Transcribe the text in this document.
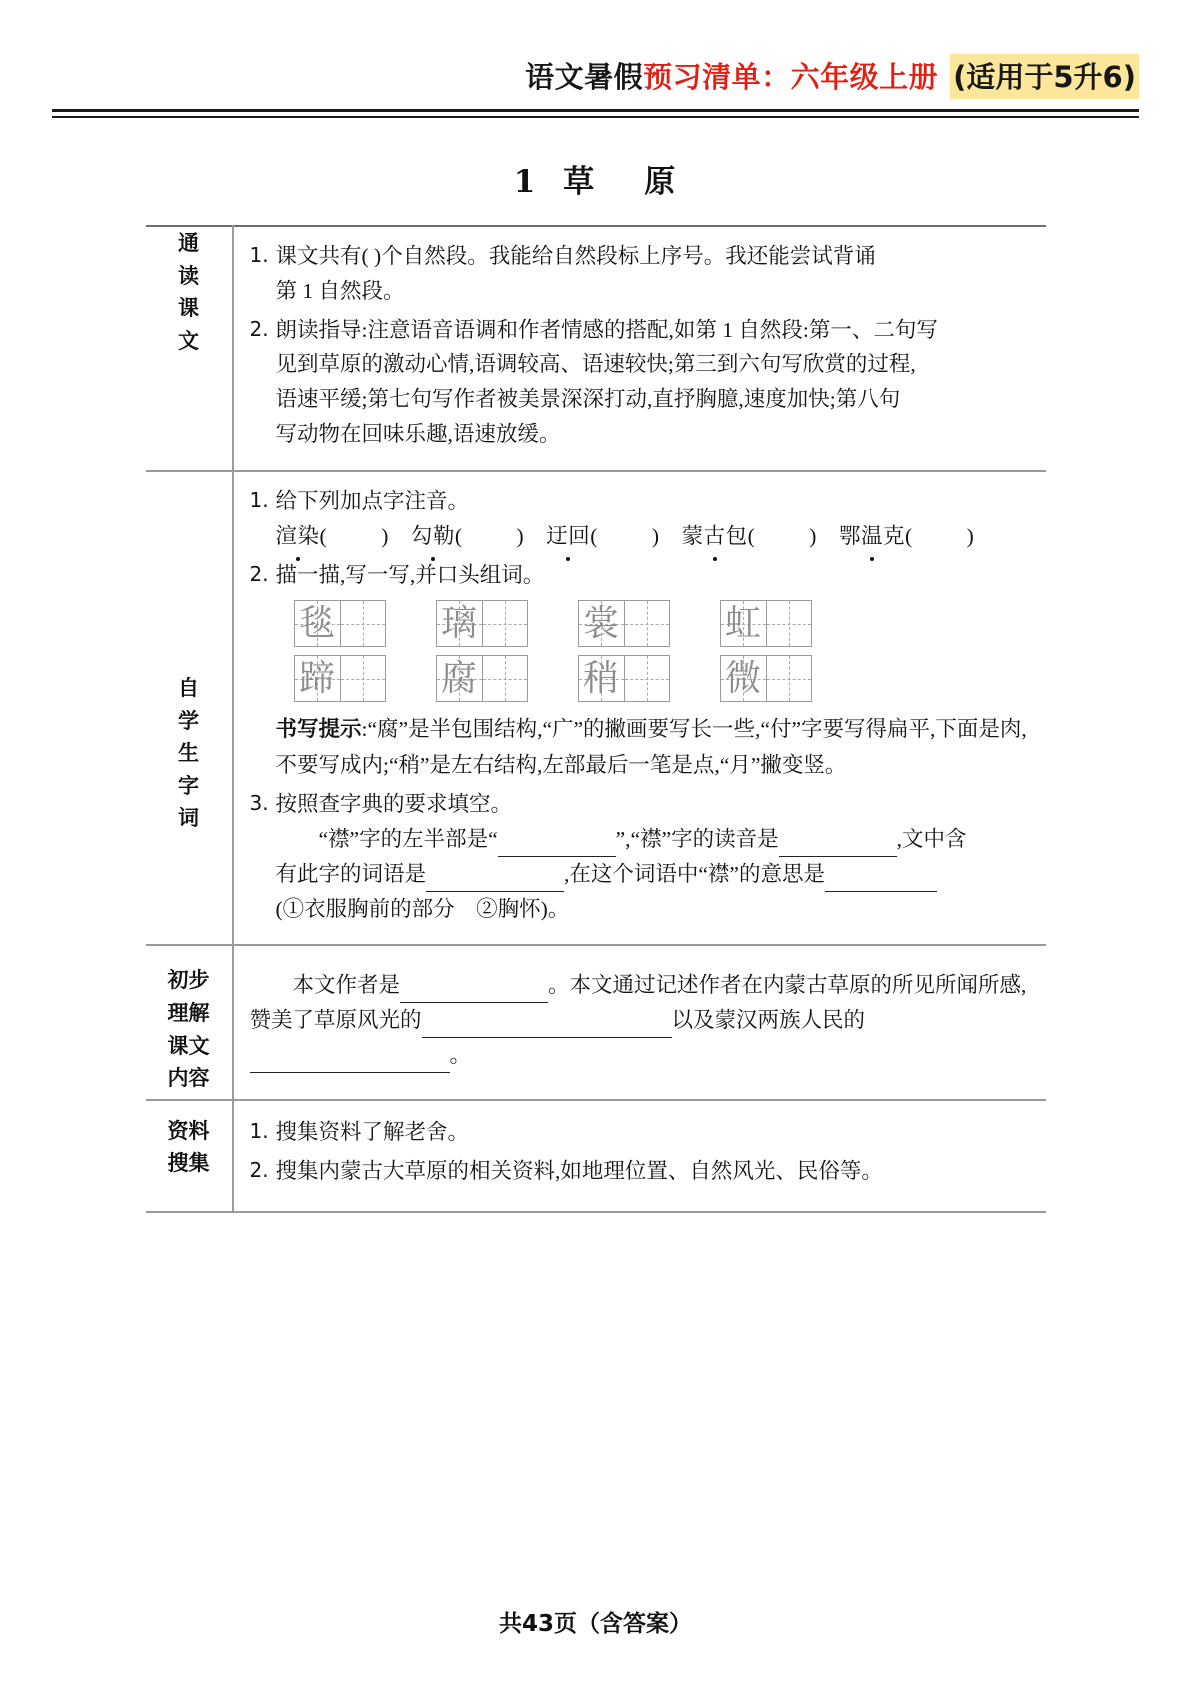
语文暑假预习清单：六年级上册 (适用于5升6)
1 草 原
通
读
课
文

1. 课文共有( )个自然段。我能给自然段标上序号。我还能尝试背诵
第 1 自然段。
2. 朗读指导:注意语音语调和作者情感的搭配,如第 1 自然段:第一、二句写
见到草原的激动心情,语调较高、语速较快;第三到六句写欣赏的过程,
语速平缓;第七句写作者被美景深深打动,直抒胸臆,速度加快;第八句
写动物在回味乐趣,语速放缓。

自
学
生
字
词

1. 给下列加点字注音。
渲染(	) 勾勒(	) 迂回(	) 蒙古包(	) 鄂温克(	)
2. 描一描,写一写,并口头组词。
毯	璃	裳	虹
蹄	腐	稍	微
书写提示:“腐”是半包围结构,“广”的撇画要写长一些,“付”字要写得扁平,下面是肉,不要写成内;“稍”是左右结构,左部最后一笔是点,“月”撇变竖。
3. 按照查字典的要求填空。
“襟”字的左半部是“	”,“襟”字的读音是	,文中含
有此字的词语是	,在这个词语中“襟”的意思是
(①衣服胸前的部分　②胸怀)。

初步
理解
课文
内容	本文作者是 。本文通过记述作者在内蒙古草原的所见所闻所感,赞美了草原风光的 以及蒙汉两族人民的。

资料
搜集

1. 搜集资料了解老舍。
2. 搜集内蒙古大草原的相关资料,如地理位置、自然风光、民俗等。
共43页（含答案）
